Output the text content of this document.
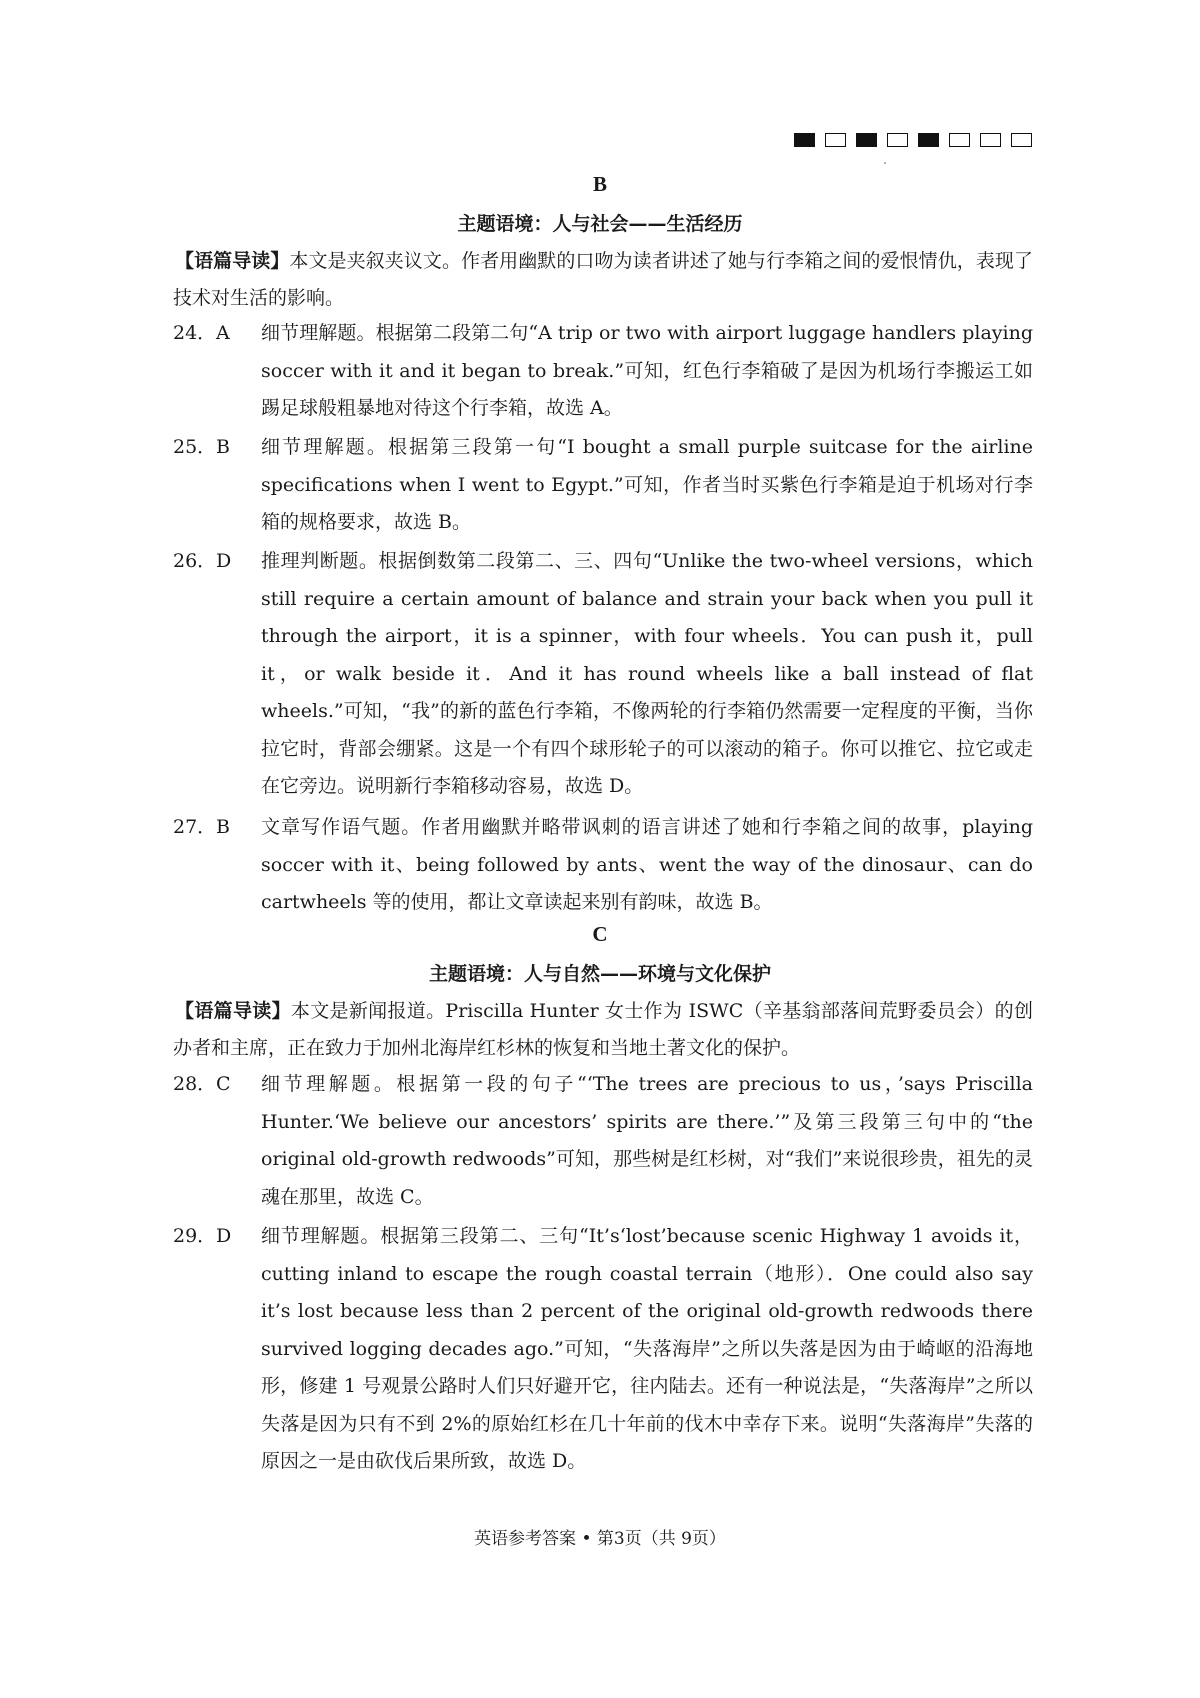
B
主题语境：人与社会——生活经历
【语篇导读】本文是夹叙夹议文。作者用幽默的口吻为读者讲述了她与行李箱之间的爱恨情仇，表现了技术对生活的影响。
24． A 细节理解题。根据第二段第二句“A trip or two with airport luggage handlers playing soccer with it and it began to break.”可知，红色行李箱破了是因为机场行李搬运工如踢足球般粗暴地对待这个行李箱，故选 A。
25． B 细节理解题。根据第三段第一句“I bought a small purple suitcase for the airline specifications when I went to Egypt.”可知，作者当时买紫色行李箱是迫于机场对行李箱的规格要求，故选 B。
26． D 推理判断题。根据倒数第二段第二、三、四句“Unlike the two-wheel versions，which still require a certain amount of balance and strain your back when you pull it through the airport，it is a spinner，with four wheels．You can push it，pull it，or walk beside it．And it has round wheels like a ball instead of flat wheels.”可知，“我”的新的蓝色行李箱，不像两轮的行李箱仍然需要一定程度的平衡，当你拉它时，背部会绷紧。这是一个有四个球形轮子的可以滚动的箱子。你可以推它、拉它或走在它旁边。说明新行李箱移动容易，故选 D。
27． B 文章写作语气题。作者用幽默并略带讽刺的语言讲述了她和行李箱之间的故事，playing soccer with it、being followed by ants、went the way of the dinosaur、can do cartwheels 等的使用，都让文章读起来别有韵味，故选 B。
C
主题语境：人与自然——环境与文化保护
【语篇导读】本文是新闻报道。Priscilla Hunter 女士作为 ISWC（辛基翁部落间荒野委员会）的创办者和主席，正在致力于加州北海岸红杉林的恢复和当地土著文化的保护。
28． C 细节理解题。根据第一段的句子“‘The trees are precious to us，’says Priscilla Hunter.‘We believe our ancestors’ spirits are there.’”及第三段第三句中的“the original old-growth redwoods”可知，那些树是红杉树，对“我们”来说很珍贵，祖先的灵魂在那里，故选 C。
29． D 细节理解题。根据第三段第二、三句“It’s‘lost’because scenic Highway 1 avoids it，cutting inland to escape the rough coastal terrain（地形）．One could also say it’s lost because less than 2 percent of the original old-growth redwoods there survived logging decades ago.”可知，“失落海岸”之所以失落是因为由于崎岖的沿海地形，修建 1 号观景公路时人们只好避开它，往内陆去。还有一种说法是，“失落海岸”之所以失落是因为只有不到 2%的原始红杉在几十年前的伐木中幸存下来。说明“失落海岸”失落的原因之一是由砍伐后果所致，故选 D。
英语参考答案 • 第3页（共 9页）
